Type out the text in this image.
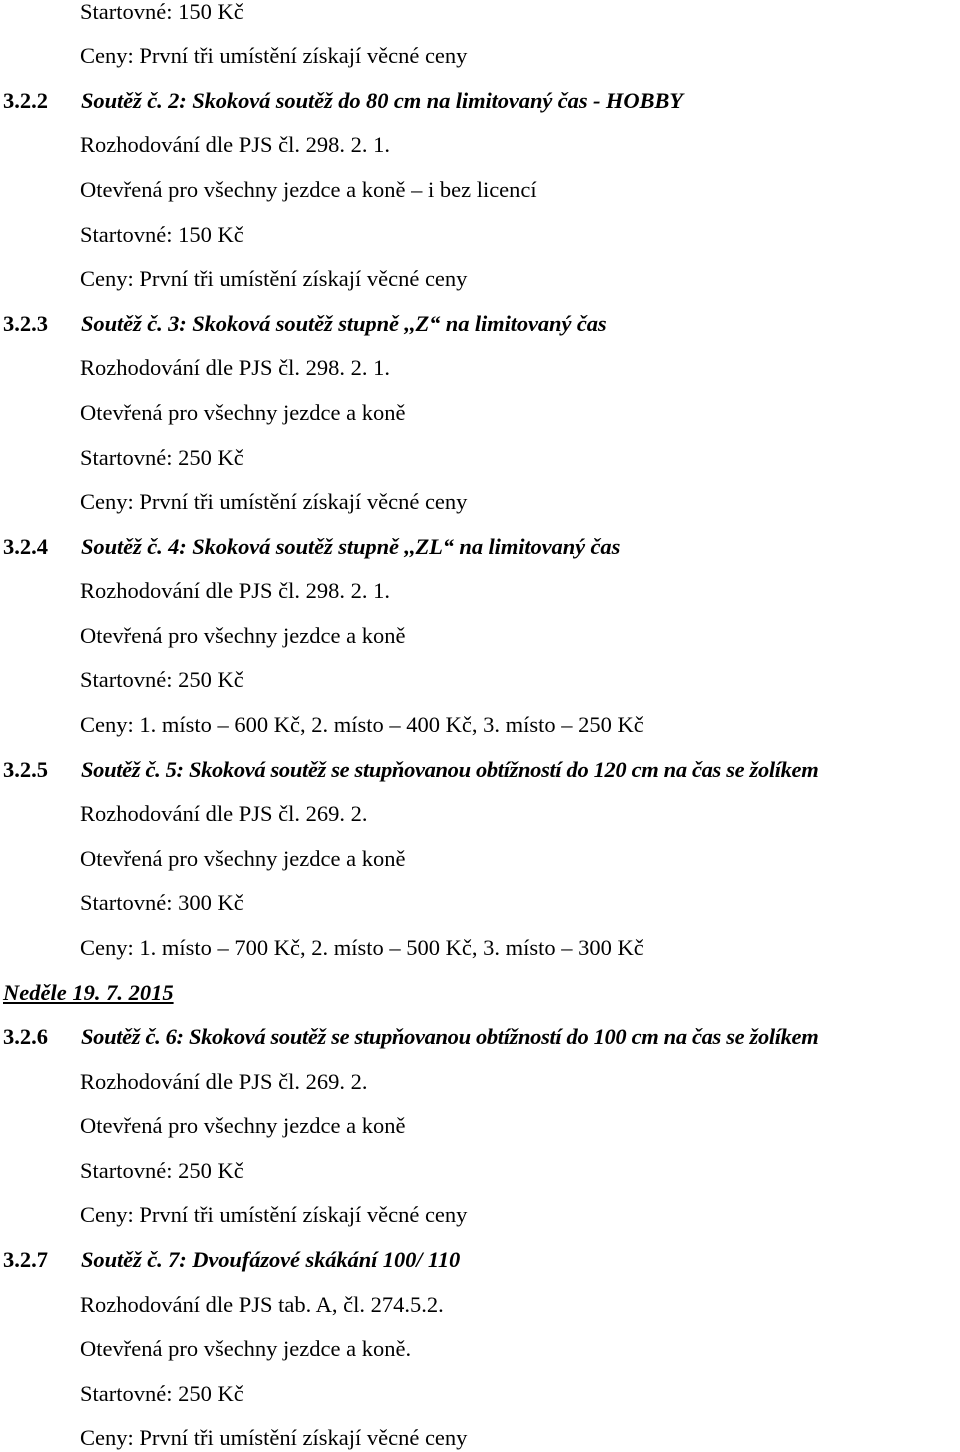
Startovné: 150 Kč
Ceny: První tři umístění získají věcné ceny
3.2.2 Soutěž č. 2: Skoková soutěž do 80 cm na limitovaný čas - HOBBY
Rozhodování dle PJS čl. 298. 2. 1.
Otevřená pro všechny jezdce a koně – i bez licencí
Startovné: 150 Kč
Ceny: První tři umístění získají věcné ceny
3.2.3 Soutěž č. 3: Skoková soutěž stupně ,,Z“ na limitovaný čas
Rozhodování dle PJS čl. 298. 2. 1.
Otevřená pro všechny jezdce a koně
Startovné: 250 Kč
Ceny: První tři umístění získají věcné ceny
3.2.4 Soutěž č. 4: Skoková soutěž stupně ,,ZL“ na limitovaný čas
Rozhodování dle PJS čl. 298. 2. 1.
Otevřená pro všechny jezdce a koně
Startovné: 250 Kč
Ceny: 1. místo – 600 Kč, 2. místo – 400 Kč, 3. místo – 250 Kč
3.2.5 Soutěž č. 5: Skoková soutěž se stupňovanou obtížností do 120 cm na čas se žolíkem
Rozhodování dle PJS čl. 269. 2.
Otevřená pro všechny jezdce a koně
Startovné: 300 Kč
Ceny: 1. místo – 700 Kč, 2. místo – 500 Kč, 3. místo – 300 Kč
Neděle 19. 7. 2015
3.2.6 Soutěž č. 6: Skoková soutěž se stupňovanou obtížností do 100 cm na čas se žolíkem
Rozhodování dle PJS čl. 269. 2.
Otevřená pro všechny jezdce a koně
Startovné: 250 Kč
Ceny: První tři umístění získají věcné ceny
3.2.7 Soutěž č. 7: Dvoufázové skákání 100/ 110
Rozhodování dle PJS tab. A, čl. 274.5.2.
Otevřená pro všechny jezdce a koně.
Startovné: 250 Kč
Ceny: První tři umístění získají věcné ceny
